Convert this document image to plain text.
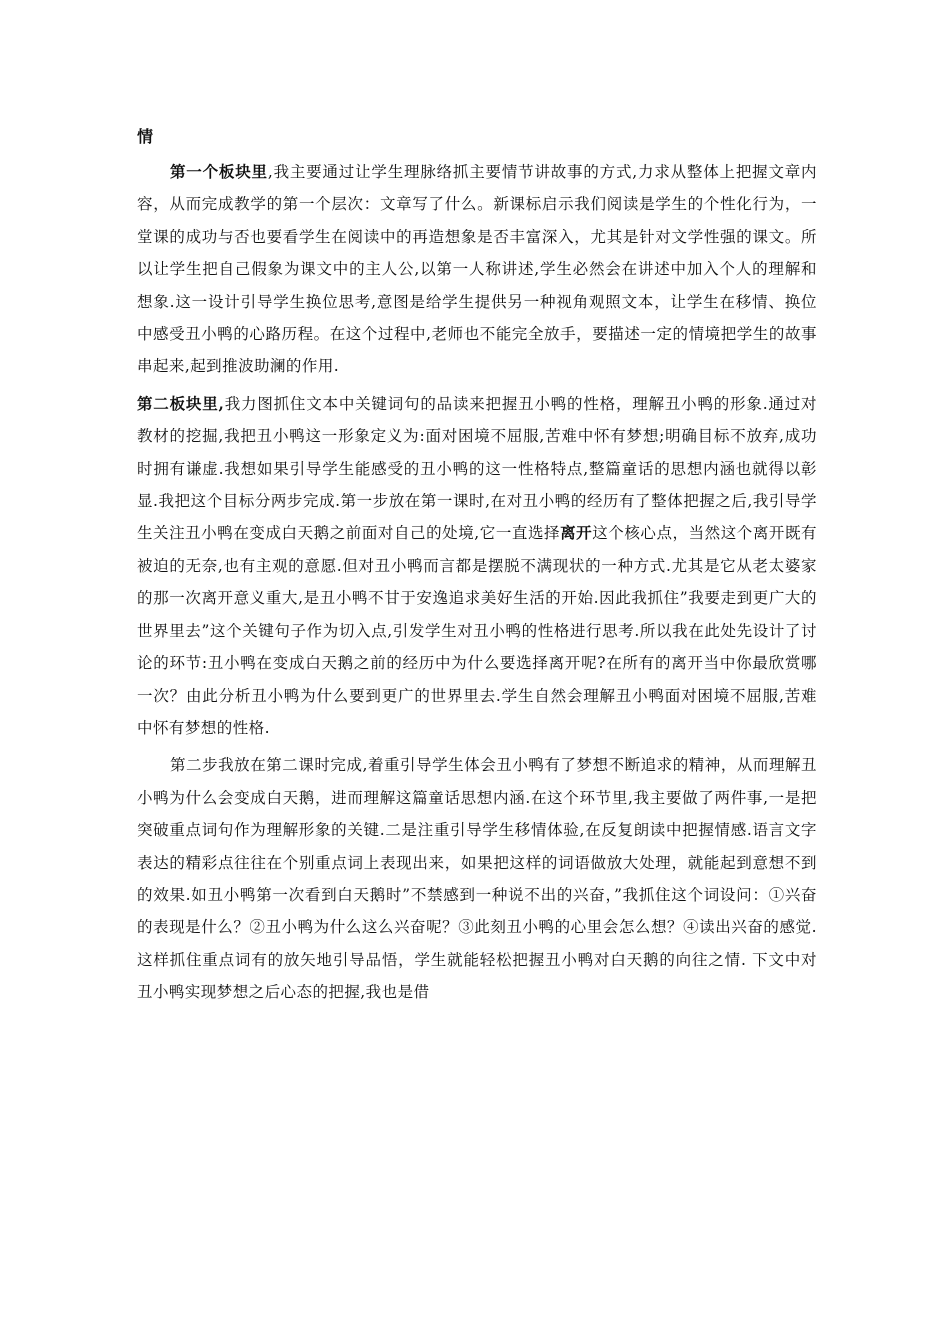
情

第一个板块里,我主要通过让学生理脉络抓主要情节讲故事的方式,力求从整体上把握文章内容，从而完成教学的第一个层次：文章写了什么。新课标启示我们阅读是学生的个性化行为，一堂课的成功与否也要看学生在阅读中的再造想象是否丰富深入，尤其是针对文学性强的课文。所以让学生把自己假象为课文中的主人公,以第一人称讲述,学生必然会在讲述中加入个人的理解和想象.这一设计引导学生换位思考,意图是给学生提供另一种视角观照文本，让学生在移情、换位中感受丑小鸭的心路历程。在这个过程中,老师也不能完全放手，要描述一定的情境把学生的故事串起来,起到推波助澜的作用.

第二板块里,我力图抓住文本中关键词句的品读来把握丑小鸭的性格，理解丑小鸭的形象.通过对教材的挖掘,我把丑小鸭这一形象定义为:面对困境不屈服,苦难中怀有梦想;明确目标不放弃,成功时拥有谦虚.我想如果引导学生能感受的丑小鸭的这一性格特点,整篇童话的思想内涵也就得以彰显.我把这个目标分两步完成.第一步放在第一课时,在对丑小鸭的经历有了整体把握之后,我引导学生关注丑小鸭在变成白天鹅之前面对自己的处境,它一直选择离开这个核心点，当然这个离开既有被迫的无奈,也有主观的意愿.但对丑小鸭而言都是摆脱不满现状的一种方式.尤其是它从老太婆家的那一次离开意义重大,是丑小鸭不甘于安逸追求美好生活的开始.因此我抓住”我要走到更广大的世界里去”这个关键句子作为切入点,引发学生对丑小鸭的性格进行思考.所以我在此处先设计了讨论的环节:丑小鸭在变成白天鹅之前的经历中为什么要选择离开呢?在所有的离开当中你最欣赏哪一次？由此分析丑小鸭为什么要到更广的世界里去.学生自然会理解丑小鸭面对困境不屈服,苦难中怀有梦想的性格.

第二步我放在第二课时完成,着重引导学生体会丑小鸭有了梦想不断追求的精神，从而理解丑小鸭为什么会变成白天鹅，进而理解这篇童话思想内涵.在这个环节里,我主要做了两件事,一是把突破重点词句作为理解形象的关键.二是注重引导学生移情体验,在反复朗读中把握情感.语言文字表达的精彩点往往在个别重点词上表现出来，如果把这样的词语做放大处理，就能起到意想不到的效果.如丑小鸭第一次看到白天鹅时”不禁感到一种说不出的兴奋，”我抓住这个词设问：①兴奋的表现是什么？②丑小鸭为什么这么兴奋呢？③此刻丑小鸭的心里会怎么想？④读出兴奋的感觉.这样抓住重点词有的放矢地引导品悟，学生就能轻松把握丑小鸭对白天鹅的向往之情. 下文中对丑小鸭实现梦想之后心态的把握,我也是借
